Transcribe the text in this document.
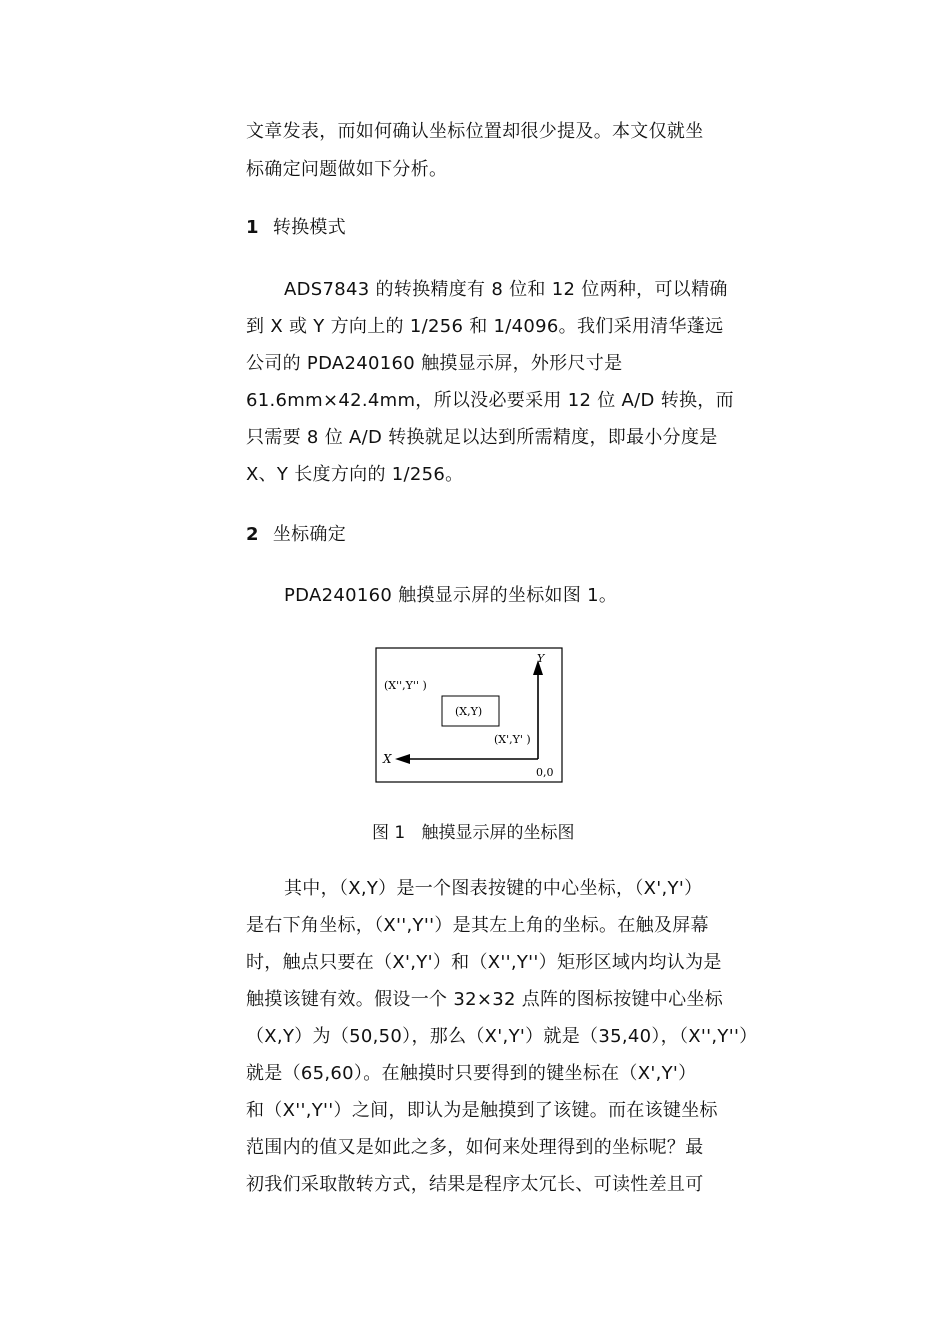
文章发表，而如何确认坐标位置却很少提及。本文仅就坐
标确定问题做如下分析。
1 转换模式
ADS7843 的转换精度有 8 位和 12 位两种，可以精确
到 X 或 Y 方向上的 1/256 和 1/4096。我们采用清华蓬远
公司的 PDA240160 触摸显示屏，外形尺寸是
61.6mm×42.4mm，所以没必要采用 12 位 A/D 转换，而
只需要 8 位 A/D 转换就足以达到所需精度，即最小分度是
X、Y 长度方向的 1/256。
2 坐标确定
PDA240160 触摸显示屏的坐标如图 1。
其中，（X,Y）是一个图表按键的中心坐标，（X',Y'）
是右下角坐标，（X'',Y''）是其左上角的坐标。在触及屏幕
时，触点只要在（X',Y'）和（X'',Y''）矩形区域内均认为是
触摸该键有效。假设一个 32×32 点阵的图标按键中心坐标
（X,Y）为（50,50），那么（X',Y'）就是（35,40），（X'',Y''）
就是（65,60）。在触摸时只要得到的键坐标在（X',Y'）
和（X'',Y''）之间，即认为是触摸到了该键。而在该键坐标
范围内的值又是如此之多，如何来处理得到的坐标呢？最
初我们采取散转方式，结果是程序太冗长、可读性差且可
Y
X
(X'',Y'' )
(X,Y)
(X',Y' )
0,0
图 1 触摸显示屏的坐标图
